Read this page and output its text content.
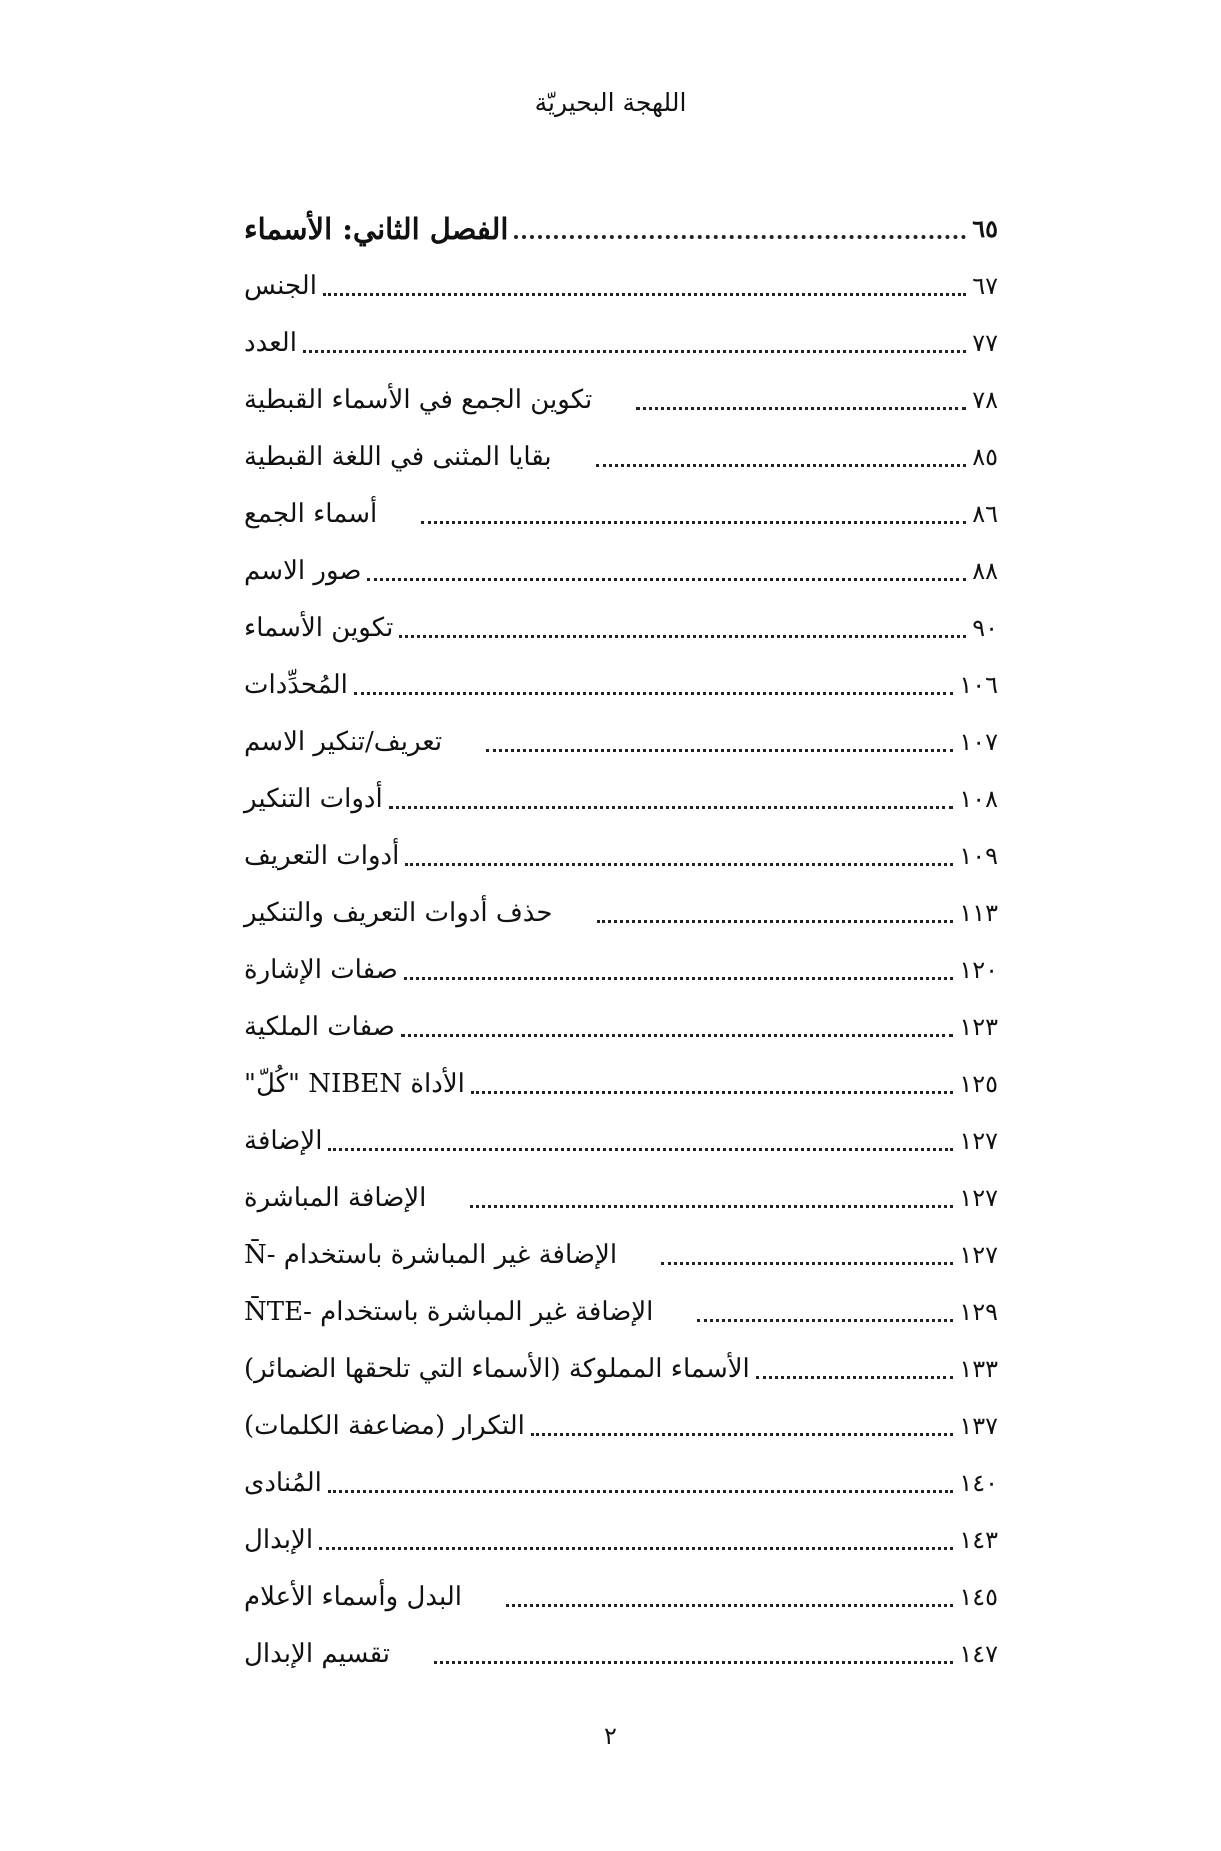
اللهجة البحيريّة
الفصل الثاني: الأسماء	٦٥
الجنس	٦٧
العدد	٧٧
تكوين الجمع في الأسماء القبطية	٧٨
بقايا المثنى في اللغة القبطية	٨٥
أسماء الجمع	٨٦
صور الاسم	٨٨
تكوين الأسماء	٩٠
المُحدِّدات	١٠٦
تعريف/تنكير الاسم	١٠٧
أدوات التنكير	١٠٨
أدوات التعريف	١٠٩
حذف أدوات التعريف والتنكير	١١٣
صفات الإشارة	١٢٠
صفات الملكية	١٢٣
الأداة NIBEN "كُلّ"	١٢٥
الإضافة	١٢٧
الإضافة المباشرة	١٢٧
الإضافة غير المباشرة باستخدام -N̄	١٢٧
الإضافة غير المباشرة باستخدام -N̄TE	١٢٩
الأسماء المملوكة (الأسماء التي تلحقها الضمائر)	١٣٣
التكرار (مضاعفة الكلمات)	١٣٧
المُنادى	١٤٠
الإبدال	١٤٣
البدل وأسماء الأعلام	١٤٥
تقسيم الإبدال	١٤٧
٢
